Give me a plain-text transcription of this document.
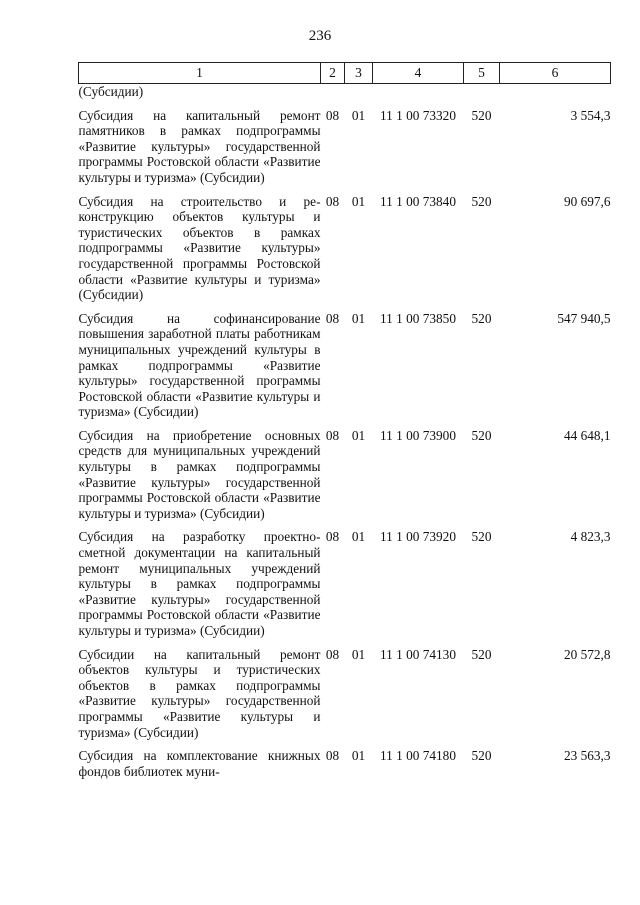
236
1	2	3	4	5	6
(Субсидии)					
Субсидия на капитальный ремонт памятников в рамках подпрограммы «Развитие культуры» государственной программы Ростовской области «Развитие культуры и туризма» (Субсидии)	08	01	11 1 00 73320	520	3 554,3
Субсидия на строительство и реконструкцию объектов культуры и туристических объектов в рамках подпрограммы «Развитие культуры» государственной программы Ростовской области «Развитие культуры и туризма» (Субсидии)	08	01	11 1 00 73840	520	90 697,6
Субсидия на софинансирование повышения заработной платы работникам муниципальных учреждений культуры в рамках подпрограммы «Развитие культуры» государственной программы Ростовской области «Развитие культуры и туризма» (Субсидии)	08	01	11 1 00 73850	520	547 940,5
Субсидия на приобретение основных средств для муниципальных учреждений культуры в рамках подпрограммы «Развитие культуры» государственной программы Ростовской области «Развитие культуры и туризма» (Субсидии)	08	01	11 1 00 73900	520	44 648,1
Субсидия на разработку проектно-сметной документации на капитальный ремонт муниципальных учреждений культуры в рамках подпрограммы «Развитие культуры» государственной программы Ростовской области «Развитие культуры и туризма» (Субсидии)	08	01	11 1 00 73920	520	4 823,3
Субсидии на капитальный ремонт объектов культуры и туристических объектов в рамках подпрограммы «Развитие культуры» государственной программы «Развитие культуры и туризма» (Субсидии)	08	01	11 1 00 74130	520	20 572,8
Субсидия на комплектование книжных фондов библиотек муни-	08	01	11 1 00 74180	520	23 563,3
